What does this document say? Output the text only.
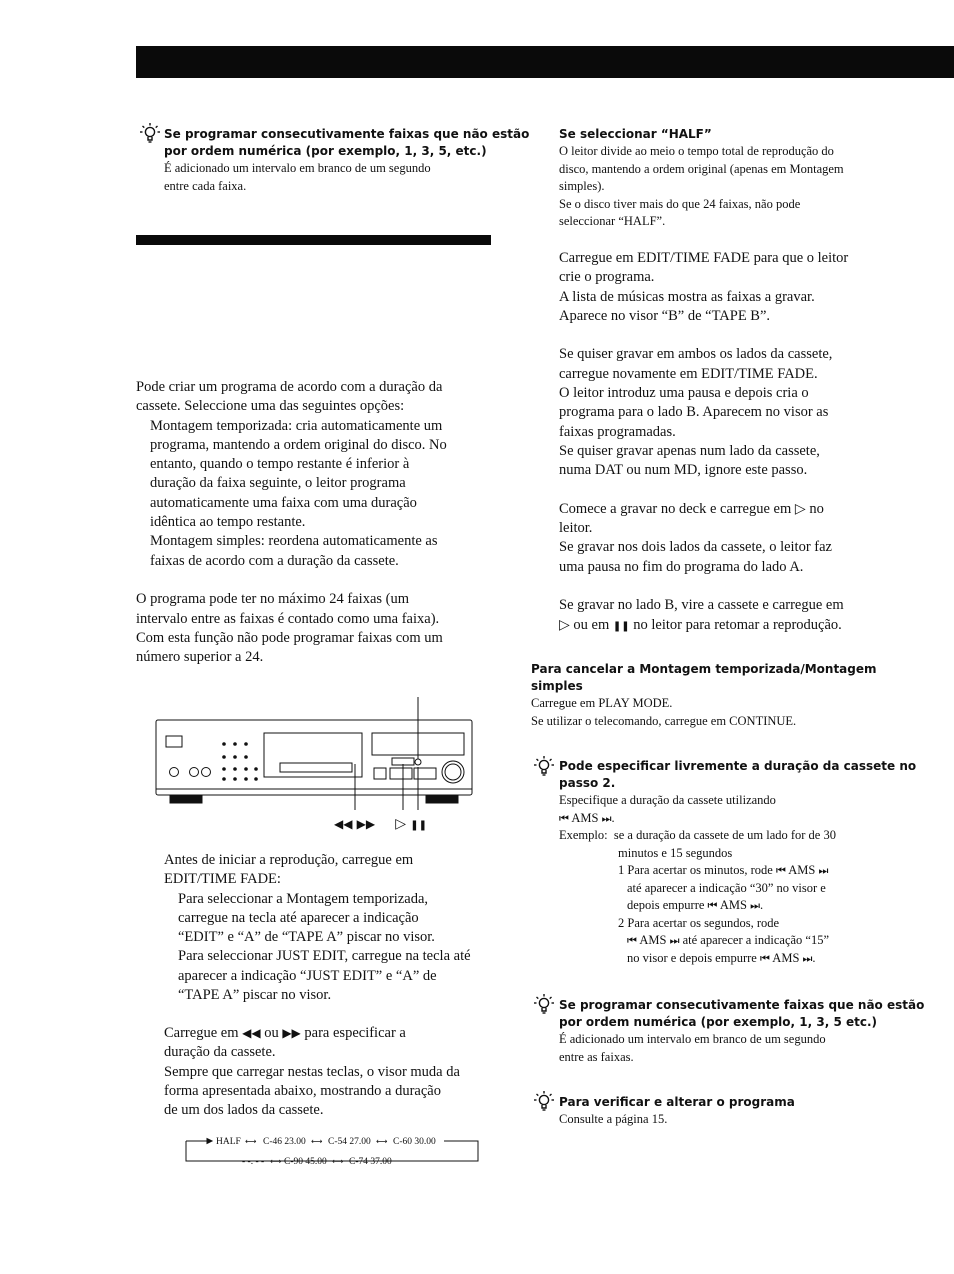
Se programar consecutivamente faixas que não estão
por ordem numérica (por exemplo, 1, 3, 5, etc.)
É adicionado um intervalo em branco de um segundo
entre cada faixa.
Pode criar um programa de acordo com a duração da
cassete. Seleccione uma das seguintes opções:
Montagem temporizada: cria automaticamente um
programa, mantendo a ordem original do disco. No
entanto, quando o tempo restante é inferior à
duração da faixa seguinte, o leitor programa
automaticamente uma faixa com uma duração
idêntica ao tempo restante.
Montagem simples: reordena automaticamente as
faixas de acordo com a duração da cassete.

O programa pode ter no máximo 24 faixas (um
intervalo entre as faixas é contado como uma faixa).
Com esta função não pode programar faixas com um
número superior a 24.
◀◀ ▶▶ ▷ ❚❚
Antes de iniciar a reprodução, carregue em
EDIT/TIME FADE:
Para seleccionar a Montagem temporizada,
carregue na tecla até aparecer a indicação
“EDIT” e “A” de “TAPE A” piscar no visor.
Para seleccionar JUST EDIT, carregue na tecla até
aparecer a indicação “JUST EDIT” e “A” de
“TAPE A” piscar no visor.
Carregue em ◀◀ ou ▶▶ para especificar a
duração da cassete.
Sempre que carregar nestas teclas, o visor muda da
forma apresentada abaixo, mostrando a duração
de um dos lados da cassete.
HALF ⟷ C-46 23.00 ⟷ C-54 27.00 ⟷ C-60 30.00
- -. - - ⟷ C-90 45.00 ⟷ C-74 37.00
Se seleccionar “HALF”
O leitor divide ao meio o tempo total de reprodução do
disco, mantendo a ordem original (apenas em Montagem
simples).
Se o disco tiver mais do que 24 faixas, não pode
seleccionar “HALF”.
Carregue em EDIT/TIME FADE para que o leitor
crie o programa.
A lista de músicas mostra as faixas a gravar.
Aparece no visor “B” de “TAPE B”.

Se quiser gravar em ambos os lados da cassete,
carregue novamente em EDIT/TIME FADE.
O leitor introduz uma pausa e depois cria o
programa para o lado B. Aparecem no visor as
faixas programadas.
Se quiser gravar apenas num lado da cassete,
numa DAT ou num MD, ignore este passo.

Comece a gravar no deck e carregue em ▷ no
leitor.
Se gravar nos dois lados da cassete, o leitor faz
uma pausa no fim do programa do lado A.

Se gravar no lado B, vire a cassete e carregue em
▷ ou em ❚❚ no leitor para retomar a reprodução.
Para cancelar a Montagem temporizada/Montagem
simples
Carregue em PLAY MODE.
Se utilizar o telecomando, carregue em CONTINUE.
Pode especificar livremente a duração da cassete no
passo 2.
Especifique a duração da cassete utilizando
⏮ AMS ⏭.
Exemplo: se a duração da cassete de um lado for de 30
minutos e 15 segundos
1 Para acertar os minutos, rode ⏮ AMS ⏭
até aparecer a indicação “30” no visor e
depois empurre ⏮ AMS ⏭.
2 Para acertar os segundos, rode
⏮ AMS ⏭ até aparecer a indicação “15”
no visor e depois empurre ⏮ AMS ⏭.
Se programar consecutivamente faixas que não estão
por ordem numérica (por exemplo, 1, 3, 5 etc.)
É adicionado um intervalo em branco de um segundo
entre as faixas.
Para verificar e alterar o programa
Consulte a página 15.
